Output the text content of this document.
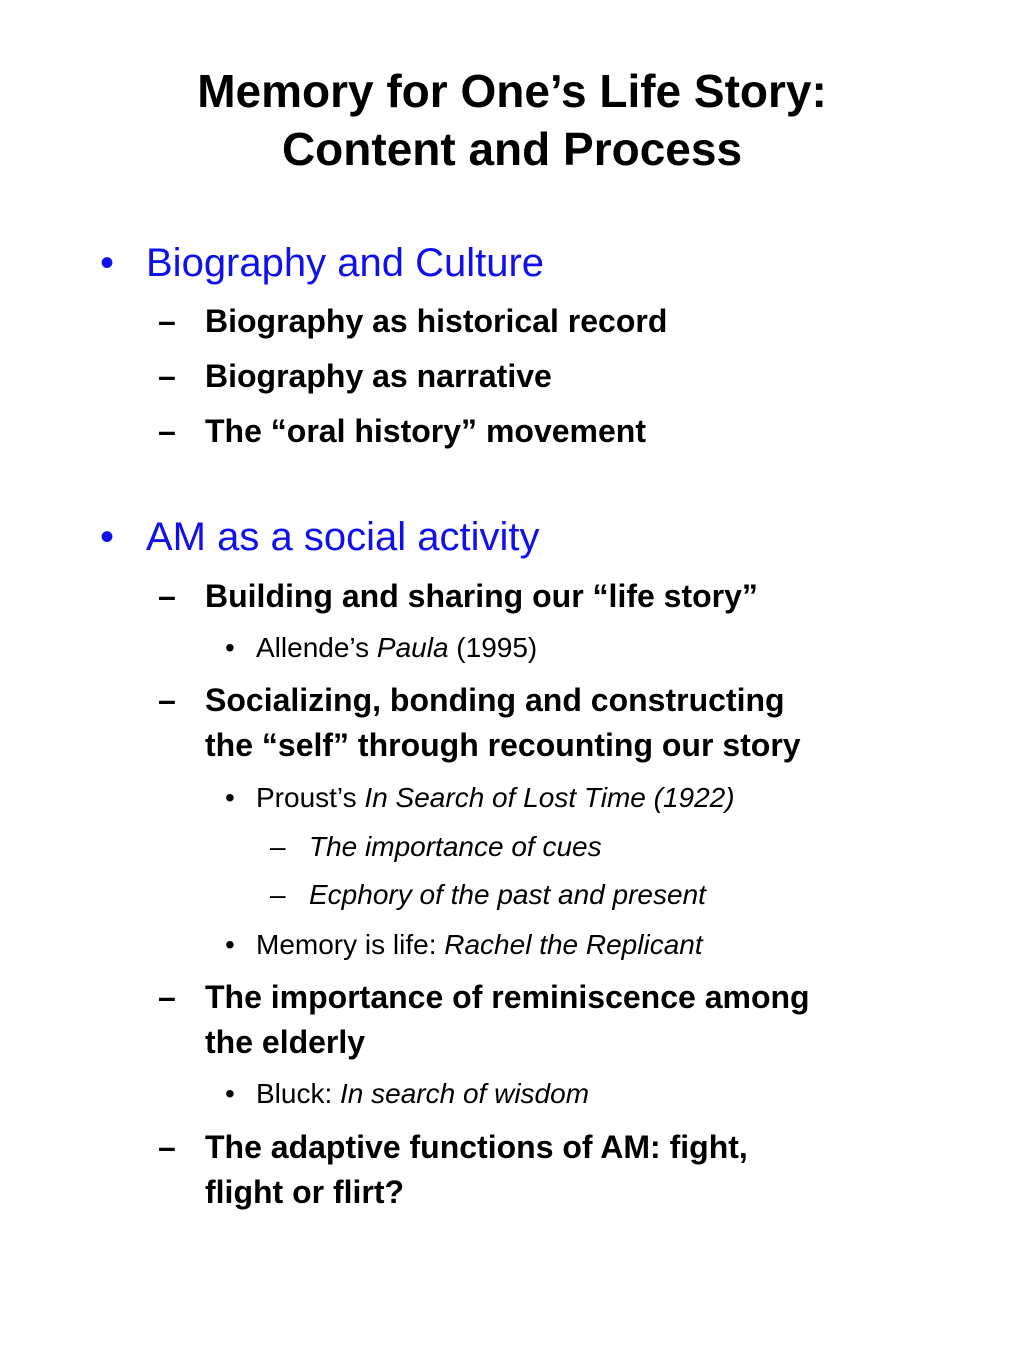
Memory for One’s Life Story:
Content and Process
• Biography and Culture
– Biography as historical record
– Biography as narrative
– The “oral history” movement
• AM as a social activity
– Building and sharing our “life story”
• Allende’s Paula (1995)
– Socializing, bonding and constructing
the “self” through recounting our story
• Proust’s In Search of Lost Time (1922)
– The importance of cues
– Ecphory of the past and present
• Memory is life: Rachel the Replicant
– The importance of reminiscence among
the elderly
• Bluck: In search of wisdom
– The adaptive functions of AM: fight,
flight or flirt?
